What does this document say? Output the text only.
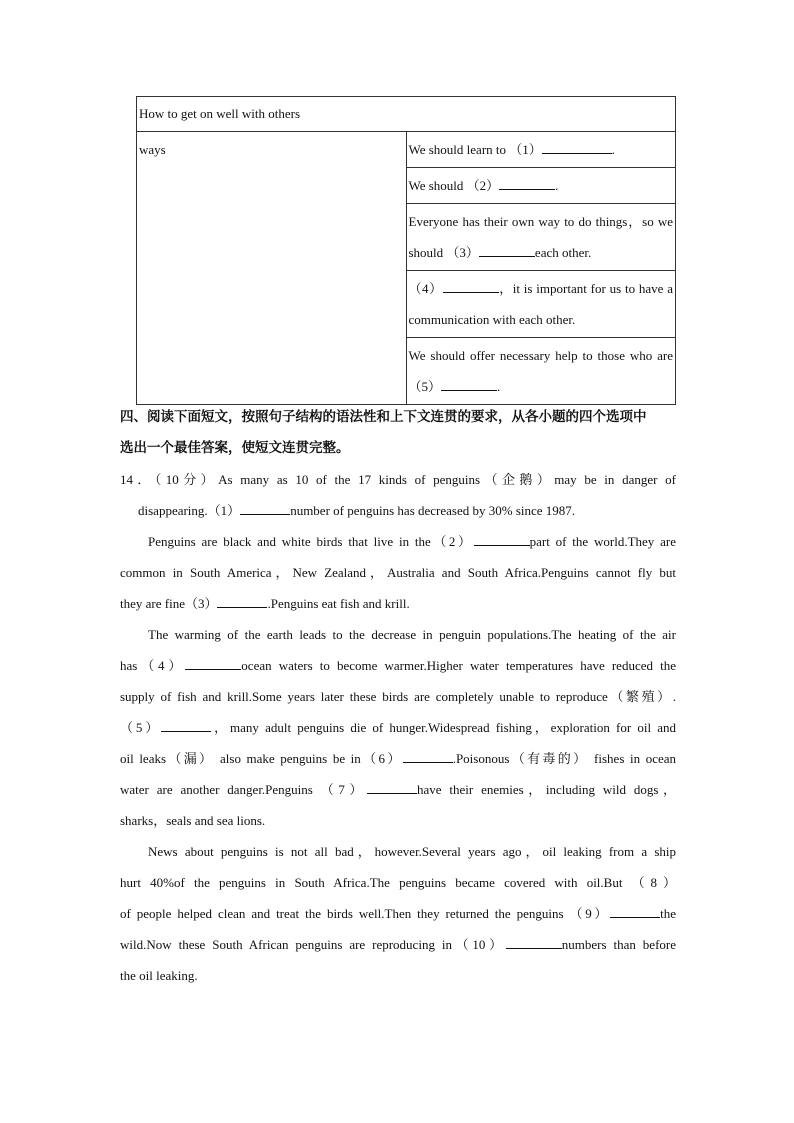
How to get on well with others
ways	We should learn to （1）	.
We should （2）	.

Everyone has their own way to do things，so we
should （3）	each other.

（4）	，it is important for us to have a
communication with each other.

We should offer necessary help to those who are
（5）	.
四、阅读下面短文，按照句子结构的语法性和上下文连贯的要求，从各小题的四个选项中
选出一个最佳答案，使短文连贯完整。

14．（10分）As many as 10 of the 17 kinds of penguins（企鹅）may be in danger of

disappearing.（1）	number of penguins has decreased by 30% since 1987.

Penguins are black and white birds that live in the（2）	part of the world.They are

common in South America，New Zealand，Australia and South Africa.Penguins cannot fly but

they are fine（3）	.Penguins eat fish and krill.

The warming of the earth leads to the decrease in penguin populations.The heating of the air

has（4）	ocean waters to become warmer.Higher water temperatures have reduced the

supply of fish and krill.Some years later these birds are completely unable to reproduce（繁殖）.

（5）	，many adult penguins die of hunger.Widespread fishing，exploration for oil and

oil leaks（漏） also make penguins be in（6）	.Poisonous（有毒的） fishes in ocean

water are another danger.Penguins （7）	have their enemies，including wild dogs，

sharks，seals and sea lions.

News about penguins is not all bad，however.Several years ago，oil leaking from a ship

hurt 40%of the penguins in South Africa.The penguins became covered with oil.But （8）

of people helped clean and treat the birds well.Then they returned the penguins （9）	the

wild.Now these South African penguins are reproducing in（10）	numbers than before

the oil leaking.
